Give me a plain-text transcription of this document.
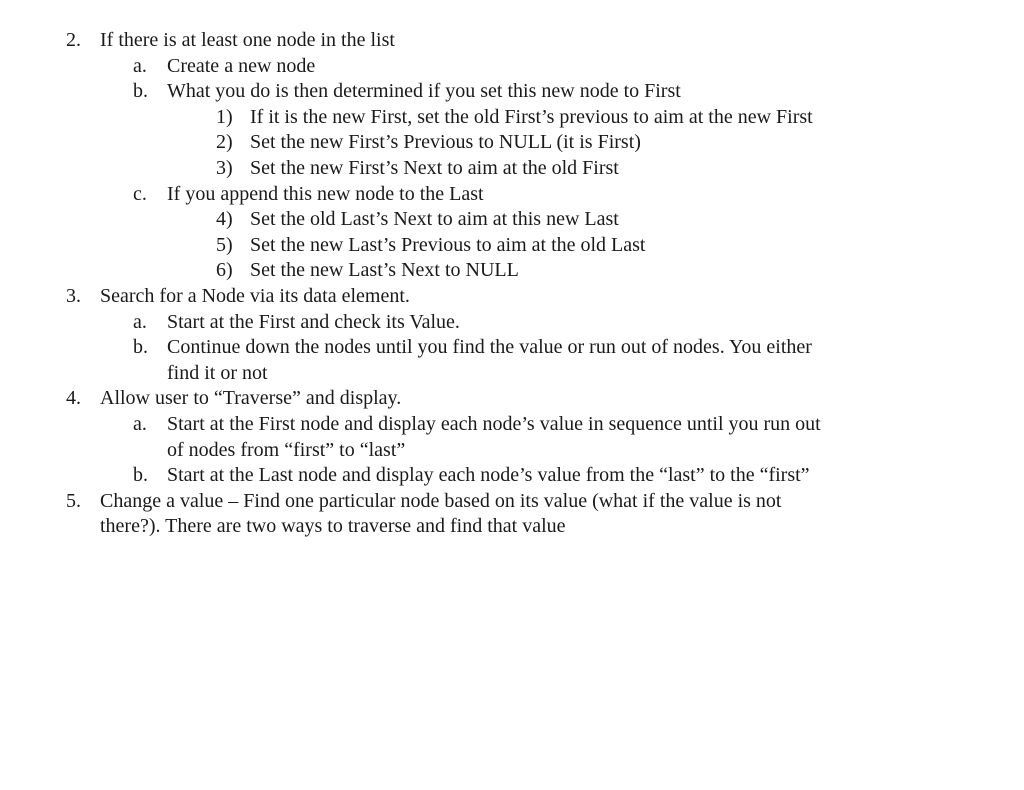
2. If there is at least one node in the list
a. Create a new node
b. What you do is then determined if you set this new node to First
1) If it is the new First, set the old First’s previous to aim at the new First
2) Set the new First’s Previous to NULL (it is First)
3) Set the new First’s Next to aim at the old First
c. If you append this new node to the Last
4) Set the old Last’s Next to aim at this new Last
5) Set the new Last’s Previous to aim at the old Last
6) Set the new Last’s Next to NULL
3. Search for a Node via its data element.
a. Start at the First and check its Value.
b. Continue down the nodes until you find the value or run out of nodes. You either
find it or not
4. Allow user to “Traverse” and display.
a. Start at the First node and display each node’s value in sequence until you run out
of nodes from “first” to “last”
b. Start at the Last node and display each node’s value from the “last” to the “first”
5. Change a value – Find one particular node based on its value (what if the value is not
there?). There are two ways to traverse and find that value
